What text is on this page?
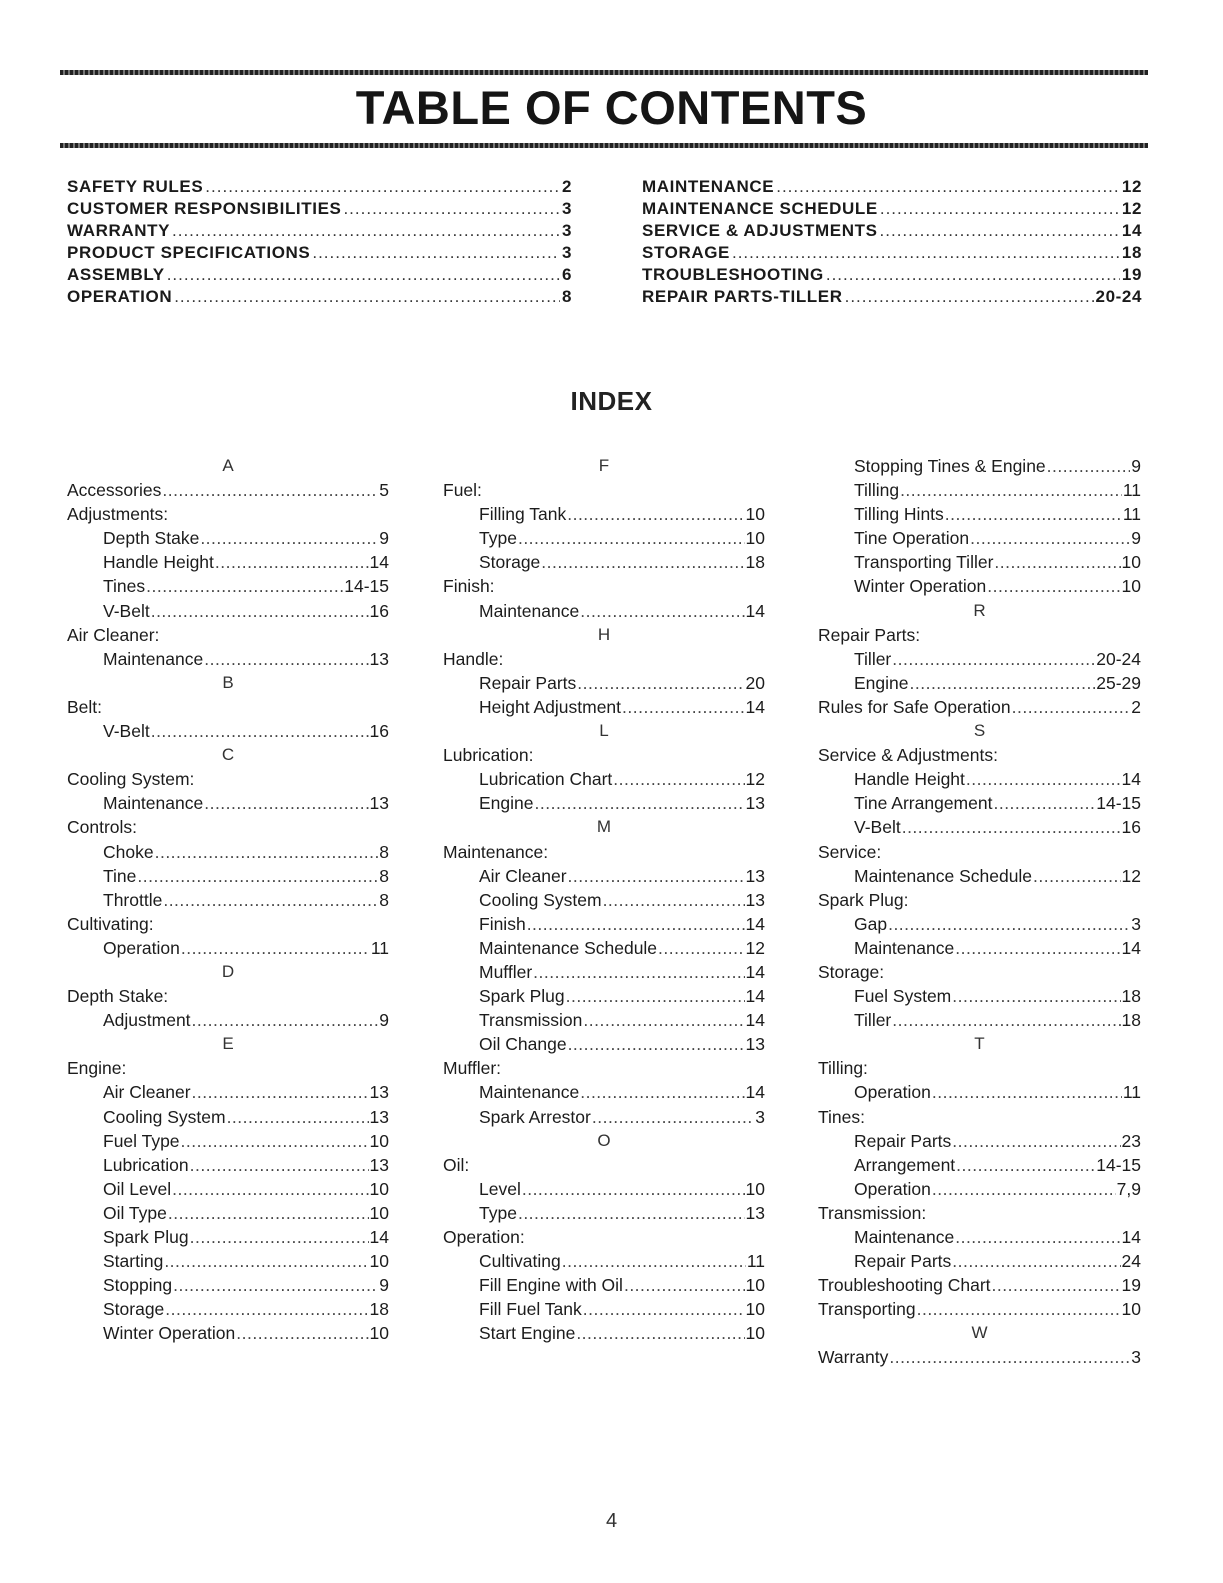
TABLE OF CONTENTS
SAFETY RULES .....	2
CUSTOMER RESPONSIBILITIES .....	3
WARRANTY .....	3
PRODUCT SPECIFICATIONS .....	3
ASSEMBLY .....	6
OPERATION .....	8
MAINTENANCE .....	12
MAINTENANCE SCHEDULE .....	12
SERVICE & ADJUSTMENTS .....	14
STORAGE .....	18
TROUBLESHOOTING .....	19
REPAIR PARTS-TILLER .....	20-24
INDEX
A
Accessories .....	5
Adjustments:
Depth Stake .....	9
Handle Height .....	14
Tines .....	14-15
V-Belt .....	16
Air Cleaner:
Maintenance .....	13
B
Belt:
V-Belt .....	16
C
Cooling System:
Maintenance .....	13
Controls:
Choke .....	8
Tine .....	8
Throttle .....	8
Cultivating:
Operation .....	11
D
Depth Stake:
Adjustment .....	9
E
Engine:
Air Cleaner .....	13
Cooling System .....	13
Fuel Type .....	10
Lubrication .....	13
Oil Level .....	10
Oil Type .....	10
Spark Plug .....	14
Starting .....	10
Stopping .....	9
Storage .....	18
Winter Operation .....	10
F
Fuel:
Filling Tank .....	10
Type .....	10
Storage .....	18
Finish:
Maintenance .....	14
H
Handle:
Repair Parts .....	20
Height Adjustment .....	14
L
Lubrication:
Lubrication Chart .....	12
Engine .....	13
M
Maintenance:
Air Cleaner .....	13
Cooling System .....	13
Finish .....	14
Maintenance Schedule .....	12
Muffler .....	14
Spark Plug .....	14
Transmission .....	14
Oil Change .....	13
Muffler:
Maintenance .....	14
Spark Arrestor .....	3
O
Oil:
Level .....	10
Type .....	13
Operation:
Cultivating .....	11
Fill Engine with Oil .....	10
Fill Fuel Tank .....	10
Start Engine .....	10
Stopping Tines & Engine .....	9
Tilling .....	11
Tilling Hints .....	11
Tine Operation .....	9
Transporting Tiller .....	10
Winter Operation .....	10
R
Repair Parts:
Tiller .....	20-24
Engine .....	25-29
Rules for Safe Operation .....	2
S
Service & Adjustments:
Handle Height .....	14
Tine Arrangement .....	14-15
V-Belt .....	16
Service:
Maintenance Schedule .....	12
Spark Plug:
Gap .....	3
Maintenance .....	14
Storage:
Fuel System .....	18
Tiller .....	18
T
Tilling:
Operation .....	11
Tines:
Repair Parts .....	23
Arrangement .....	14-15
Operation .....	7,9
Transmission:
Maintenance .....	14
Repair Parts .....	24
Troubleshooting Chart .....	19
Transporting .....	10
W
Warranty .....	3
4
